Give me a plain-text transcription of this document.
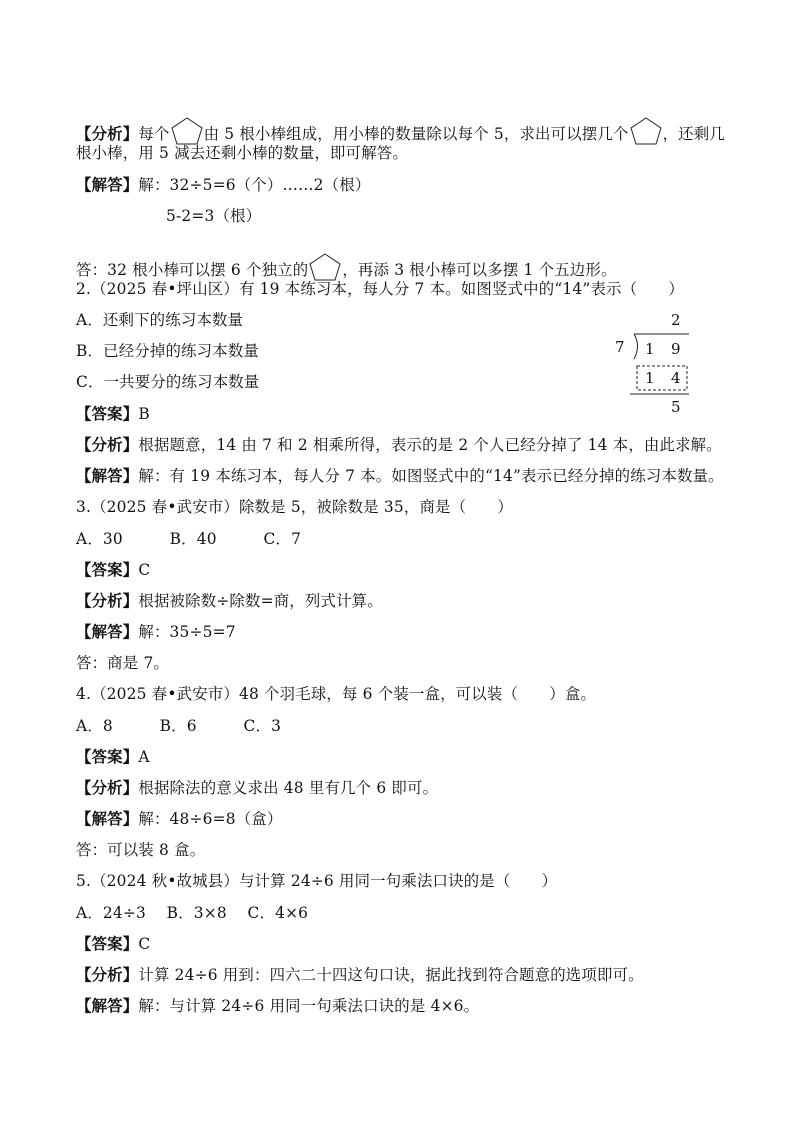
【分析】每个 由 5 根小棒组成，用小棒的数量除以每个 5，求出可以摆几个 ，还剩几
根小棒，用 5 减去还剩小棒的数量，即可解答。
【解答】解：32÷5=6（个）……2（根）
5-2=3（根）
答：32 根小棒可以摆 6 个独立的 ，再添 3 根小棒可以多摆 1 个五边形。
2.（2025 春•坪山区）有 19 本练习本，每人分 7 本。如图竖式中的“14”表示（　　）
A．还剩下的练习本数量
B．已经分掉的练习本数量
C．一共要分的练习本数量
【答案】B
【分析】根据题意，14 由 7 和 2 相乘所得，表示的是 2 个人已经分掉了 14 本，由此求解。
【解答】解：有 19 本练习本，每人分 7 本。如图竖式中的“14”表示已经分掉的练习本数量。
2
7 1 9
1 4
5
3.（2025 春•武安市）除数是 5，被除数是 35，商是（　　）
A．30　　　B．40　　　C．7
【答案】C
【分析】根据被除数÷除数=商，列式计算。
【解答】解：35÷5=7
答：商是 7。
4.（2025 春•武安市）48 个羽毛球，每 6 个装一盒，可以装（　　）盒。
A．8　　　B．6　　　C．3
【答案】A
【分析】根据除法的意义求出 48 里有几个 6 即可。
【解答】解：48÷6=8（盒）
答：可以装 8 盒。
5.（2024 秋•故城县）与计算 24÷6 用同一句乘法口诀的是（　　）
A．24÷3　 B．3×8　 C．4×6
【答案】C
【分析】计算 24÷6 用到：四六二十四这句口诀，据此找到符合题意的选项即可。
【解答】解：与计算 24÷6 用同一句乘法口诀的是 4×6。
